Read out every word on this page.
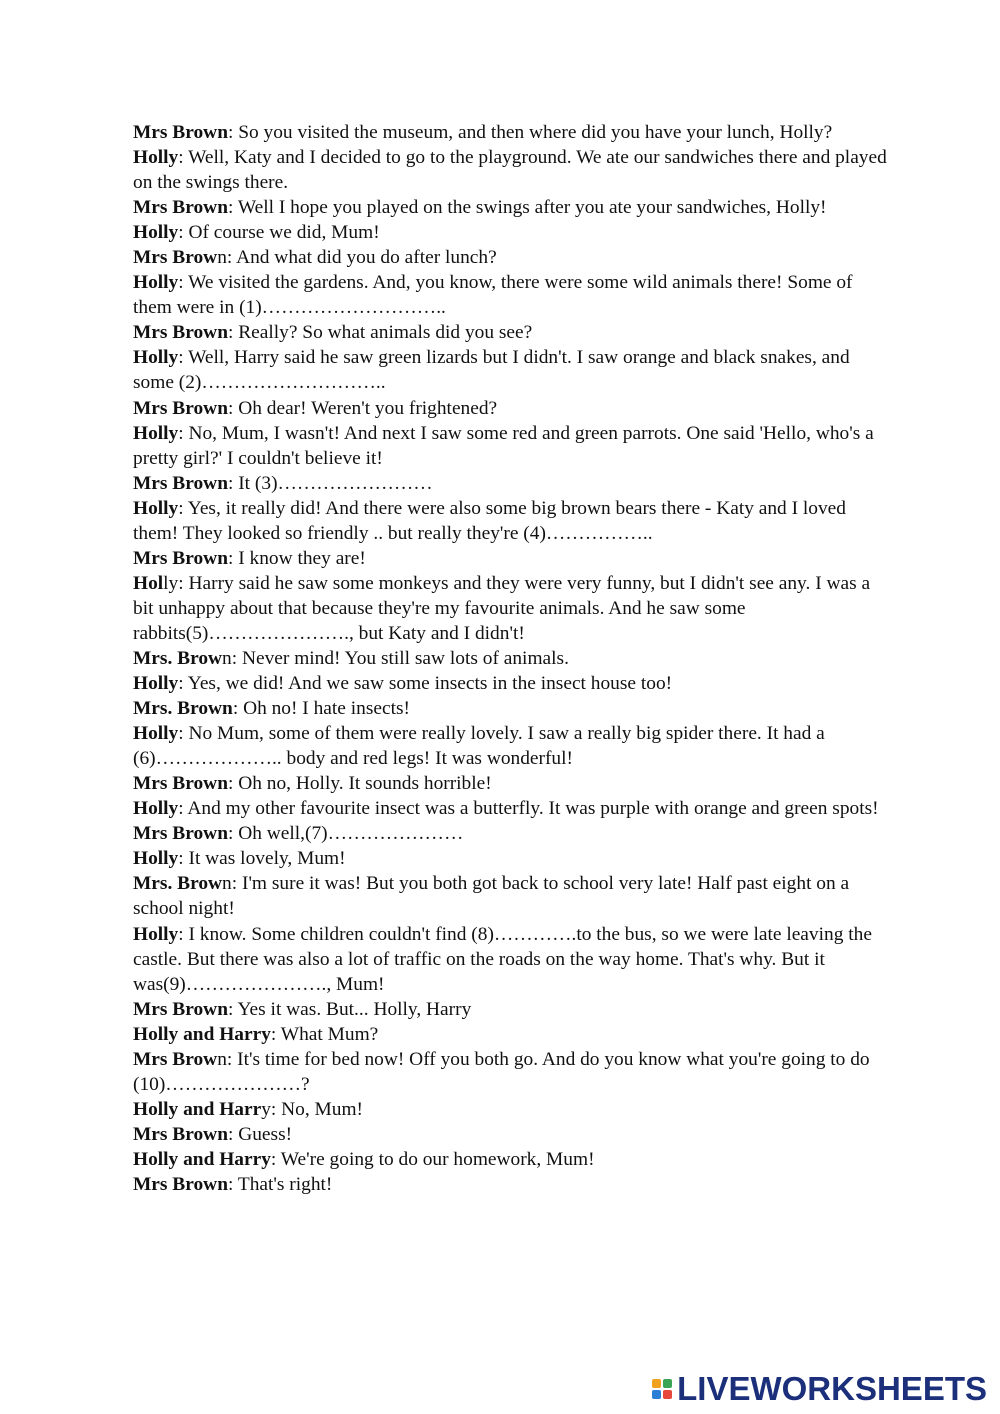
Mrs Brown: So you visited the museum, and then where did you have your lunch, Holly?

Holly: Well, Katy and I decided to go to the playground. We ate our sandwiches there and played on the swings there.

Mrs Brown: Well I hope you played on the swings after you ate your sandwiches, Holly!

Holly: Of course we did, Mum!

Mrs Brown: And what did you do after lunch?

Holly: We visited the gardens. And, you know, there were some wild animals there! Some of them were in (1)………………………..

Mrs Brown: Really? So what animals did you see?

Holly: Well, Harry said he saw green lizards but I didn't. I saw orange and black snakes, and some (2)………………………..

Mrs Brown: Oh dear! Weren't you frightened?

Holly: No, Mum, I wasn't! And next I saw some red and green parrots. One said 'Hello, who's a pretty girl?' I couldn't believe it!

Mrs Brown: It (3)……………………

Holly: Yes, it really did! And there were also some big brown bears there - Katy and I loved them! They looked so friendly .. but really they're (4)……………..

Mrs Brown: I know they are!

Holly: Harry said he saw some monkeys and they were very funny, but I didn't see any. I was a bit unhappy about that because they're my favourite animals. And he saw some rabbits(5)…………………., but Katy and I didn't!

Mrs. Brown: Never mind! You still saw lots of animals.

Holly: Yes, we did! And we saw some insects in the insect house too!

Mrs. Brown: Oh no! I hate insects!

Holly: No Mum, some of them were really lovely. I saw a really big spider there. It had a (6)……………….. body and red legs! It was wonderful!

Mrs Brown: Oh no, Holly. It sounds horrible!

Holly: And my other favourite insect was a butterfly. It was purple with orange and green spots!

Mrs Brown: Oh well,(7)…………………

Holly: It was lovely, Mum!

Mrs. Brown: I'm sure it was! But you both got back to school very late! Half past eight on a school night!

Holly: I know. Some children couldn't find (8)………….to the bus, so we were late leaving the castle. But there was also a lot of traffic on the roads on the way home. That's why. But it was(9)…………………., Mum!

Mrs Brown: Yes it was. But... Holly, Harry

Holly and Harry: What Mum?

Mrs Brown: It's time for bed now! Off you both go. And do you know what you're going to do (10)…………………?

Holly and Harry: No, Mum!

Mrs Brown: Guess!

Holly and Harry: We're going to do our homework, Mum!

Mrs Brown: That's right!

LIVEWORKSHEETS
